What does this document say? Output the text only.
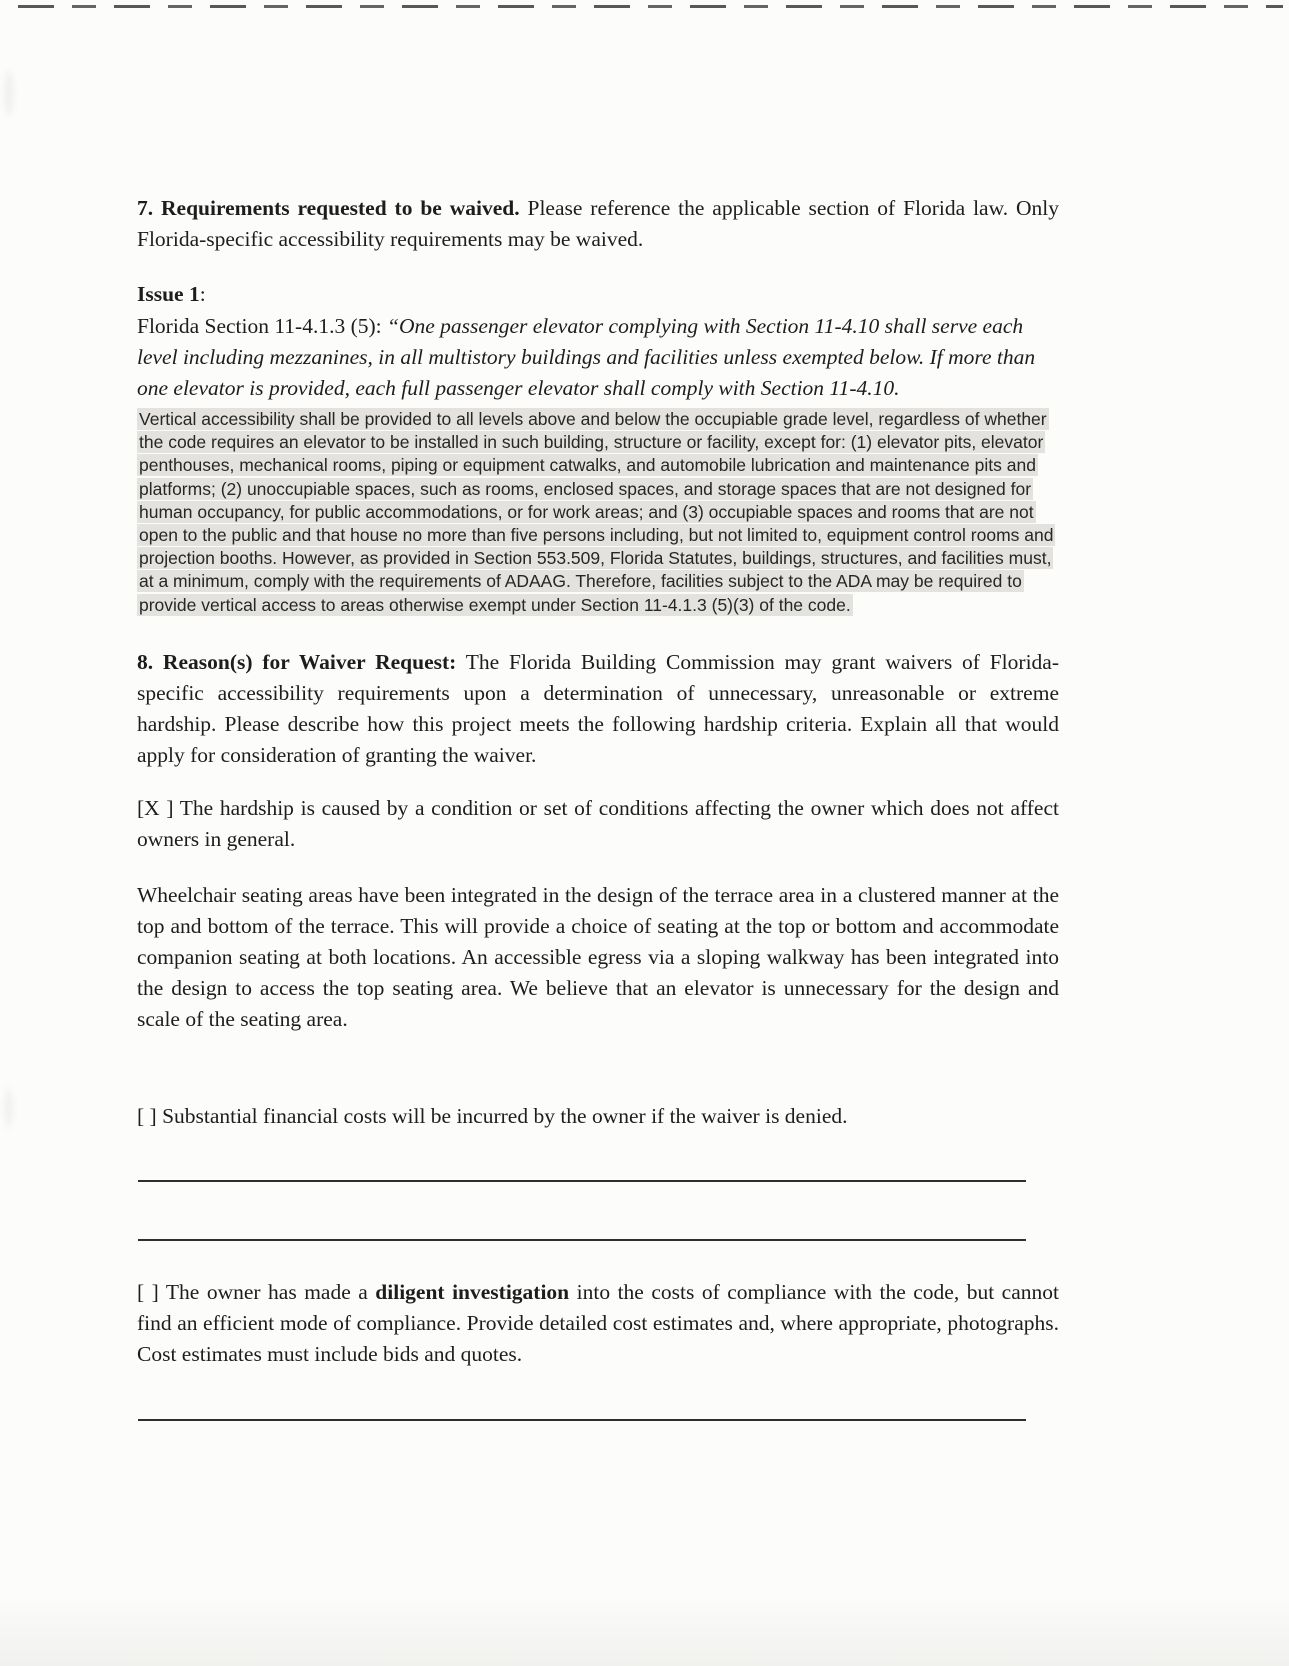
7. Requirements requested to be waived. Please reference the applicable section of Florida law. Only Florida-specific accessibility requirements may be waived.

Issue 1:

Florida Section 11-4.1.3 (5): “One passenger elevator complying with Section 11-4.10 shall serve each level including mezzanines, in all multistory buildings and facilities unless exempted below. If more than one elevator is provided, each full passenger elevator shall comply with Section 11-4.10.

Vertical accessibility shall be provided to all levels above and below the occupiable grade level, regardless of whether the code requires an elevator to be installed in such building, structure or facility, except for: (1) elevator pits, elevator penthouses, mechanical rooms, piping or equipment catwalks, and automobile lubrication and maintenance pits and platforms; (2) unoccupiable spaces, such as rooms, enclosed spaces, and storage spaces that are not designed for human occupancy, for public accommodations, or for work areas; and (3) occupiable spaces and rooms that are not open to the public and that house no more than five persons including, but not limited to, equipment control rooms and projection booths. However, as provided in Section 553.509, Florida Statutes, buildings, structures, and facilities must, at a minimum, comply with the requirements of ADAAG. Therefore, facilities subject to the ADA may be required to provide vertical access to areas otherwise exempt under Section 11-4.1.3 (5)(3) of the code.

8. Reason(s) for Waiver Request: The Florida Building Commission may grant waivers of Florida-specific accessibility requirements upon a determination of unnecessary, unreasonable or extreme hardship. Please describe how this project meets the following hardship criteria. Explain all that would apply for consideration of granting the waiver.

[X ] The hardship is caused by a condition or set of conditions affecting the owner which does not affect owners in general.

Wheelchair seating areas have been integrated in the design of the terrace area in a clustered manner at the top and bottom of the terrace. This will provide a choice of seating at the top or bottom and accommodate companion seating at both locations. An accessible egress via a sloping walkway has been integrated into the design to access the top seating area. We believe that an elevator is unnecessary for the design and scale of the seating area.

[ ] Substantial financial costs will be incurred by the owner if the waiver is denied.

[ ] The owner has made a diligent investigation into the costs of compliance with the code, but cannot find an efficient mode of compliance. Provide detailed cost estimates and, where appropriate, photographs. Cost estimates must include bids and quotes.
